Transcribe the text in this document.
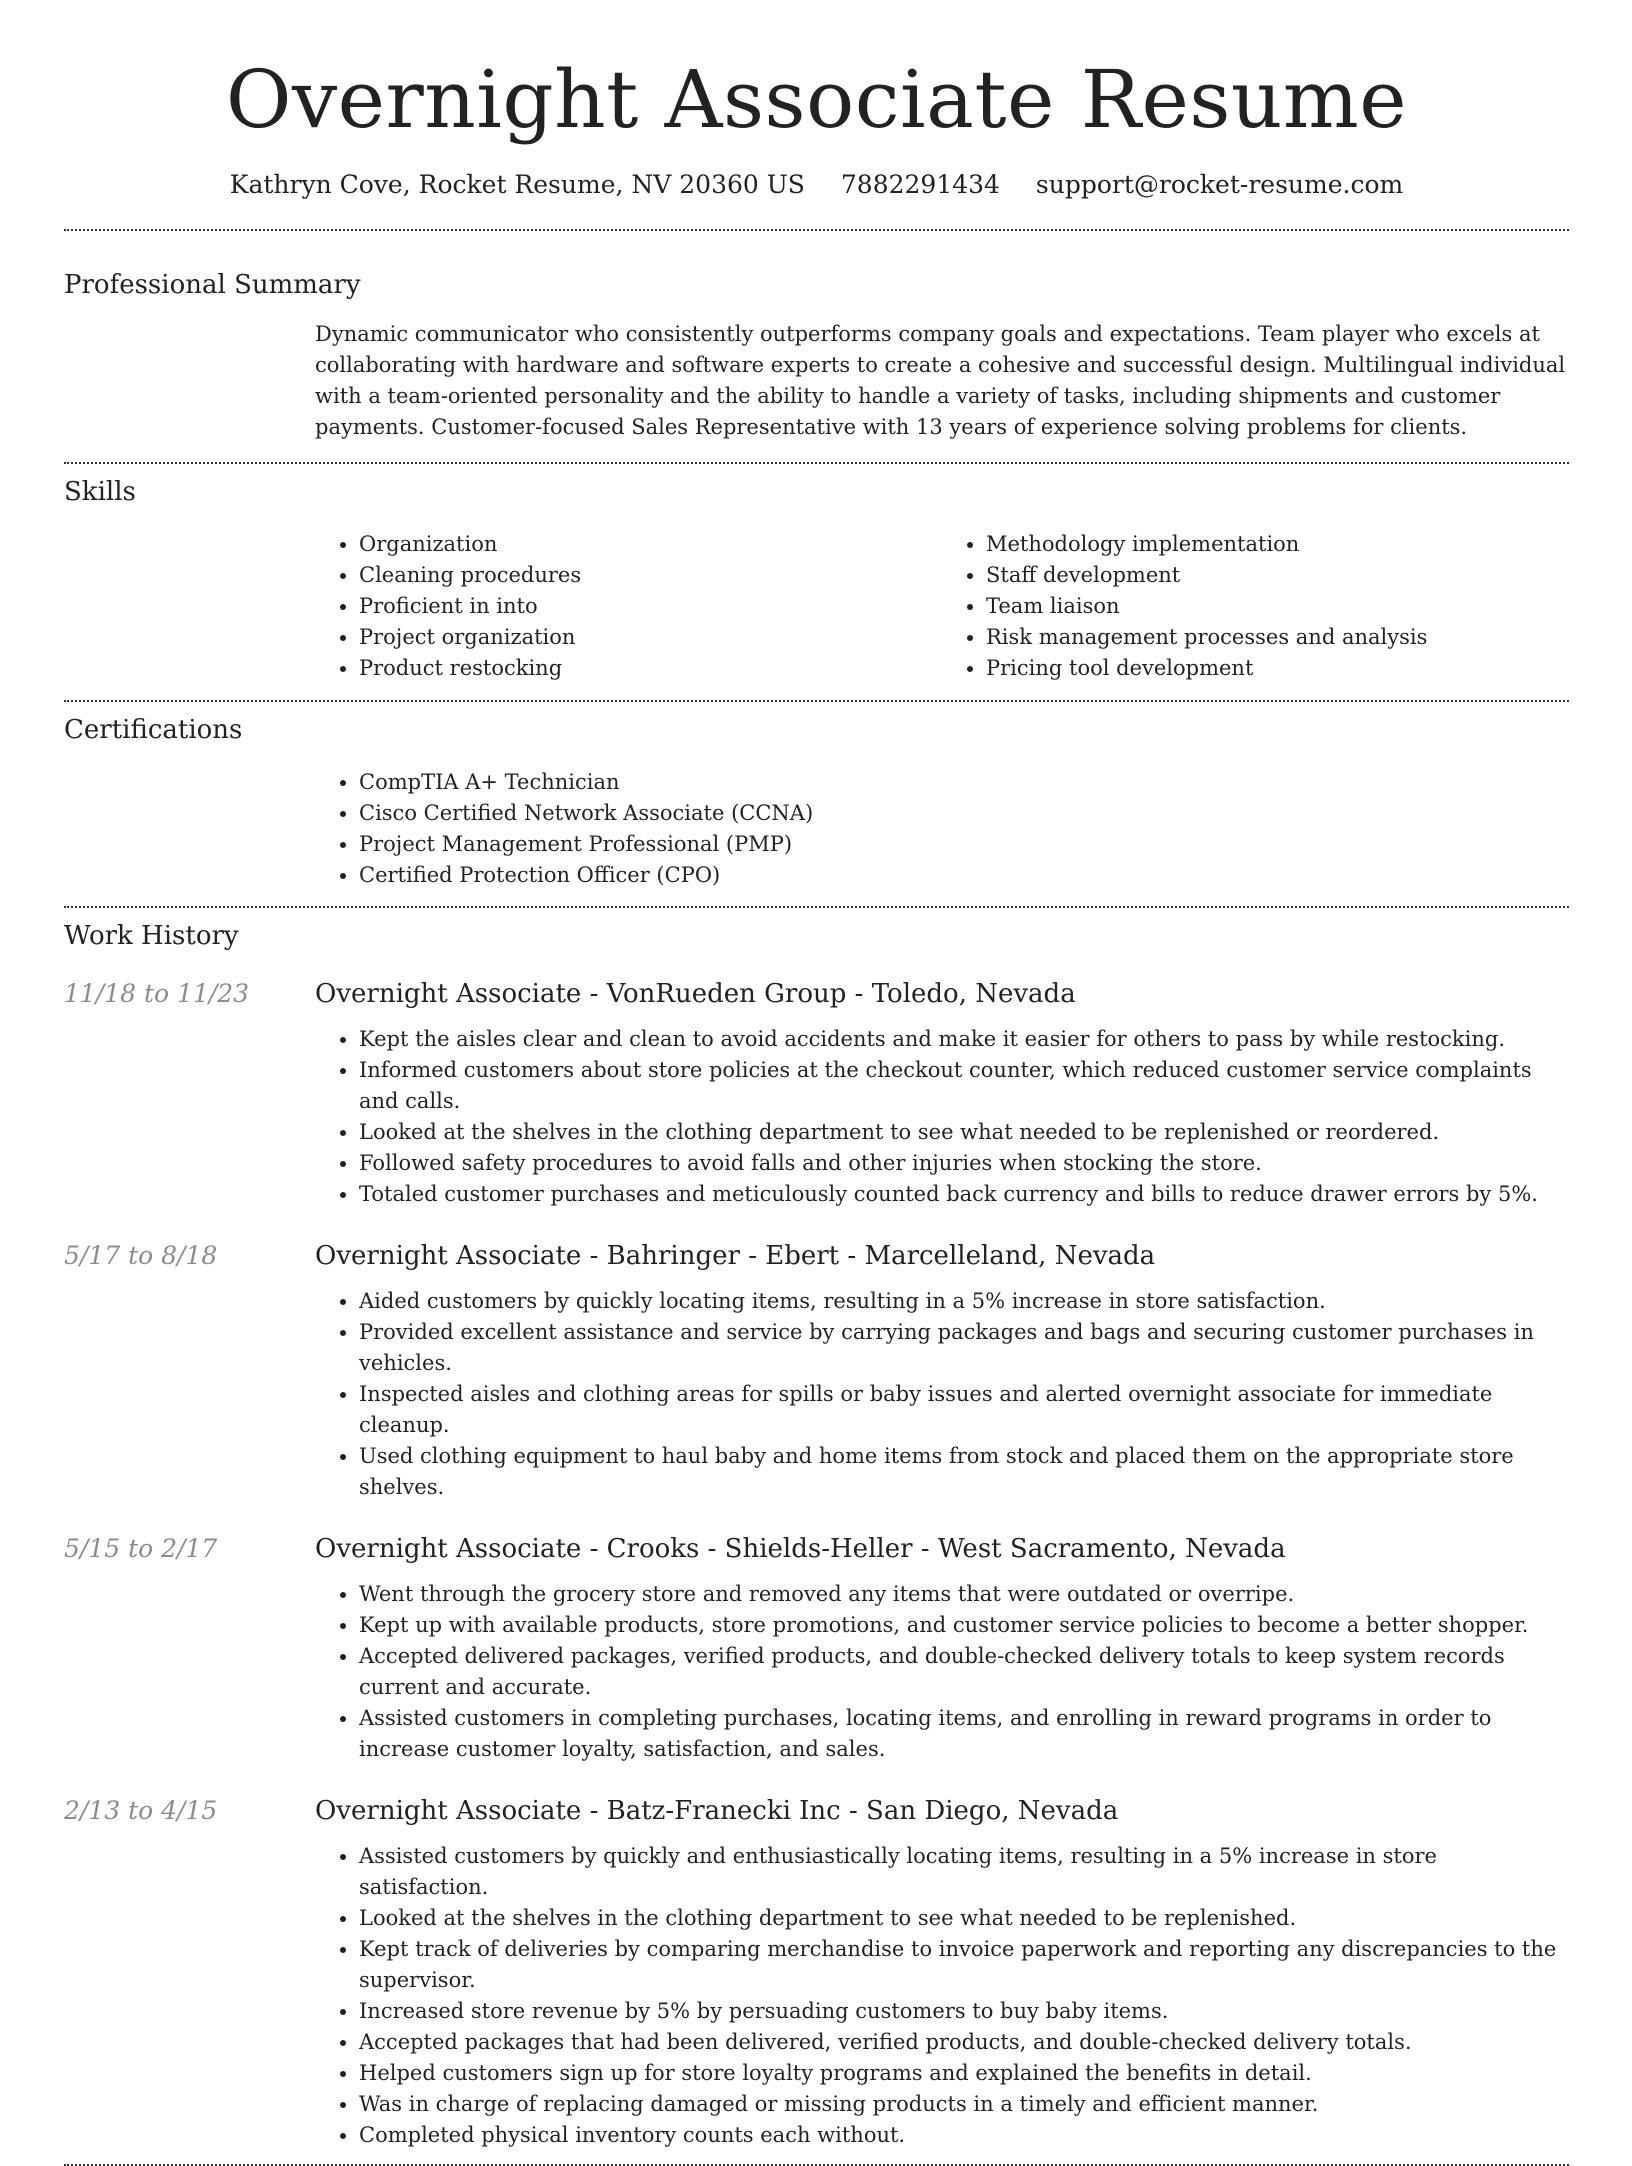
Overnight Associate Resume
Kathryn Cove, Rocket Resume, NV 20360 US 7882291434 support@rocket-resume.com
Professional Summary

Dynamic communicator who consistently outperforms company goals and expectations. Team player who excels at collaborating with hardware and software experts to create a cohesive and successful design. Multilingual individual with a team-oriented personality and the ability to handle a variety of tasks, including shipments and customer payments. Customer-focused Sales Representative with 13 years of experience solving problems for clients.

Skills
• Organization
• Cleaning procedures
• Proficient in into
• Project organization
• Product restocking
• Methodology implementation
• Staff development
• Team liaison
• Risk management processes and analysis
• Pricing tool development
Certifications
• CompTIA A+ Technician
• Cisco Certified Network Associate (CCNA)
• Project Management Professional (PMP)
• Certified Protection Officer (CPO)
Work History
11/18 to 11/23	Overnight Associate - VonRueden Group - Toledo, Nevada
• Kept the aisles clear and clean to avoid accidents and make it easier for others to pass by while restocking.
• Informed customers about store policies at the checkout counter, which reduced customer service complaints and calls.
• Looked at the shelves in the clothing department to see what needed to be replenished or reordered.
• Followed safety procedures to avoid falls and other injuries when stocking the store.
• Totaled customer purchases and meticulously counted back currency and bills to reduce drawer errors by 5%.
5/17 to 8/18	Overnight Associate - Bahringer - Ebert - Marcelleland, Nevada
• Aided customers by quickly locating items, resulting in a 5% increase in store satisfaction.
• Provided excellent assistance and service by carrying packages and bags and securing customer purchases in vehicles.
• Inspected aisles and clothing areas for spills or baby issues and alerted overnight associate for immediate cleanup.
• Used clothing equipment to haul baby and home items from stock and placed them on the appropriate store shelves.
5/15 to 2/17	Overnight Associate - Crooks - Shields-Heller - West Sacramento, Nevada
• Went through the grocery store and removed any items that were outdated or overripe.
• Kept up with available products, store promotions, and customer service policies to become a better shopper.
• Accepted delivered packages, verified products, and double-checked delivery totals to keep system records current and accurate.
• Assisted customers in completing purchases, locating items, and enrolling in reward programs in order to increase customer loyalty, satisfaction, and sales.
2/13 to 4/15	Overnight Associate - Batz-Franecki Inc - San Diego, Nevada
• Assisted customers by quickly and enthusiastically locating items, resulting in a 5% increase in store satisfaction.
• Looked at the shelves in the clothing department to see what needed to be replenished.
• Kept track of deliveries by comparing merchandise to invoice paperwork and reporting any discrepancies to the supervisor.
• Increased store revenue by 5% by persuading customers to buy baby items.
• Accepted packages that had been delivered, verified products, and double-checked delivery totals.
• Helped customers sign up for store loyalty programs and explained the benefits in detail.
• Was in charge of replacing damaged or missing products in a timely and efficient manner.
• Completed physical inventory counts each without.
